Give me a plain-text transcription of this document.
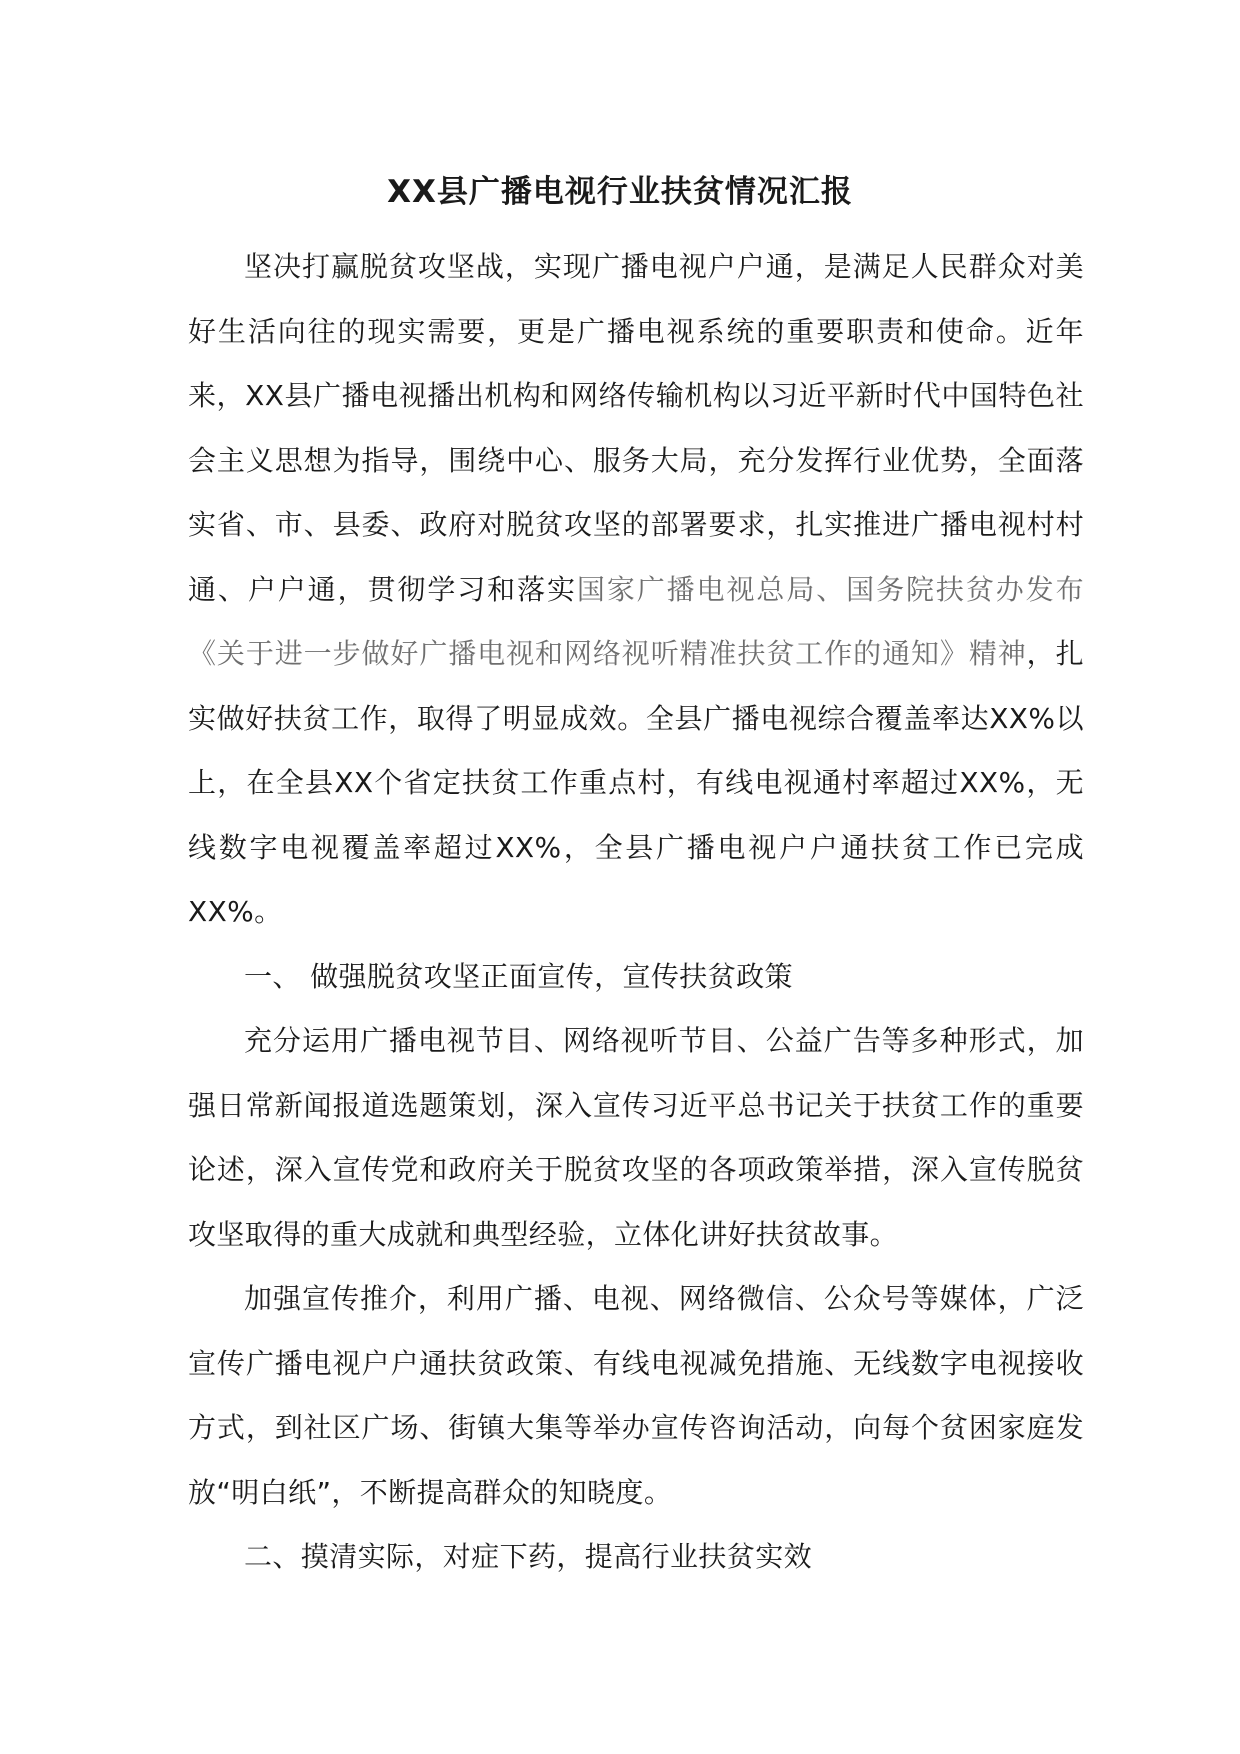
XX县广播电视行业扶贫情况汇报

坚决打赢脱贫攻坚战，实现广播电视户户通，是满足人民群众对美好生活向往的现实需要，更是广播电视系统的重要职责和使命。近年来，XX县广播电视播出机构和网络传输机构以习近平新时代中国特色社会主义思想为指导，围绕中心、服务大局，充分发挥行业优势，全面落实省、市、县委、政府对脱贫攻坚的部署要求，扎实推进广播电视村村通、户户通，贯彻学习和落实国家广播电视总局、国务院扶贫办发布《关于进一步做好广播电视和网络视听精准扶贫工作的通知》精神，扎实做好扶贫工作，取得了明显成效。全县广播电视综合覆盖率达XX%以上，在全县XX个省定扶贫工作重点村，有线电视通村率超过XX%，无线数字电视覆盖率超过XX%，全县广播电视户户通扶贫工作已完成XX%。

一、 做强脱贫攻坚正面宣传，宣传扶贫政策

充分运用广播电视节目、网络视听节目、公益广告等多种形式，加强日常新闻报道选题策划，深入宣传习近平总书记关于扶贫工作的重要论述，深入宣传党和政府关于脱贫攻坚的各项政策举措，深入宣传脱贫攻坚取得的重大成就和典型经验，立体化讲好扶贫故事。

加强宣传推介，利用广播、电视、网络微信、公众号等媒体，广泛宣传广播电视户户通扶贫政策、有线电视减免措施、无线数字电视接收方式，到社区广场、街镇大集等举办宣传咨询活动，向每个贫困家庭发放“明白纸”，不断提高群众的知晓度。

二、摸清实际，对症下药，提高行业扶贫实效
